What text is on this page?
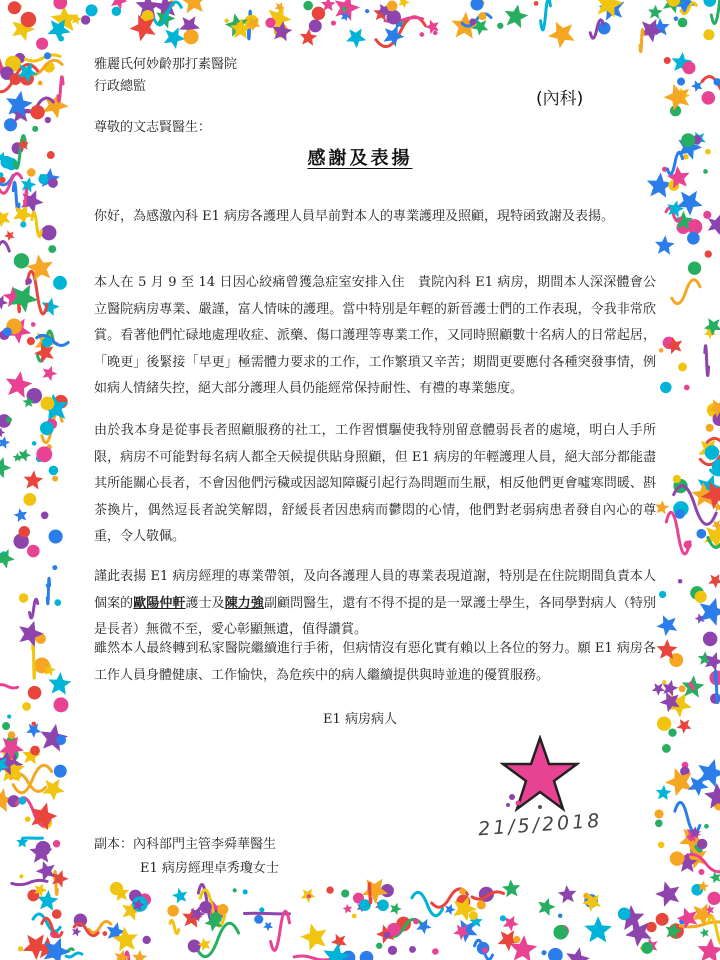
雅麗氏何妙齡那打素醫院
行政總監
(內科)
尊敬的文志賢醫生：
感謝及表揚
你好，為感激內科 E1 病房各護理人員早前對本人的專業護理及照顧，現特函致謝及表揚。
本人在 5 月 9 至 14 日因心絞痛曾獲急症室安排入住　貴院內科 E1 病房，期間本人深深體會公立醫院病房專業、嚴謹，富人情味的護理。當中特別是年輕的新晉護士們的工作表現，令我非常欣賞。看著他們忙碌地處理收症、派藥、傷口護理等專業工作，又同時照顧數十名病人的日常起居，「晚更」後緊接「早更」極需體力要求的工作，工作繁瑣又辛苦；期間更要應付各種突發事情，例如病人情緒失控，絕大部分護理人員仍能經常保持耐性、有禮的專業態度。
由於我本身是從事長者照顧服務的社工，工作習慣驅使我特別留意體弱長者的處境，明白人手所限，病房不可能對每名病人都全天候提供貼身照顧，但 E1 病房的年輕護理人員，絕大部分都能盡其所能關心長者，不會因他們污穢或因認知障礙引起行為問題而生厭，相反他們更會噓寒問暖、斟茶換片，偶然逗長者說笑解悶，舒緩長者因患病而鬱悶的心情，他們對老弱病患者發自內心的尊重，令人敬佩。
謹此表揚 E1 病房經理的專業帶領，及向各護理人員的專業表現道謝，特別是在住院期間負責本人個案的歐陽仲軒護士及陳力強副顧問醫生，還有不得不提的是一眾護士學生，各同學對病人（特別是長者）無微不至，愛心彰顯無遺，值得讚賞。
雖然本人最終轉到私家醫院繼續進行手術，但病情沒有惡化實有賴以上各位的努力。願 E1 病房各工作人員身體健康、工作愉快，為危疾中的病人繼續提供與時並進的優質服務。
E1 病房病人
21/5/2018
副本：內科部門主管李舜華醫生
E1 病房經理卓秀瓊女士
